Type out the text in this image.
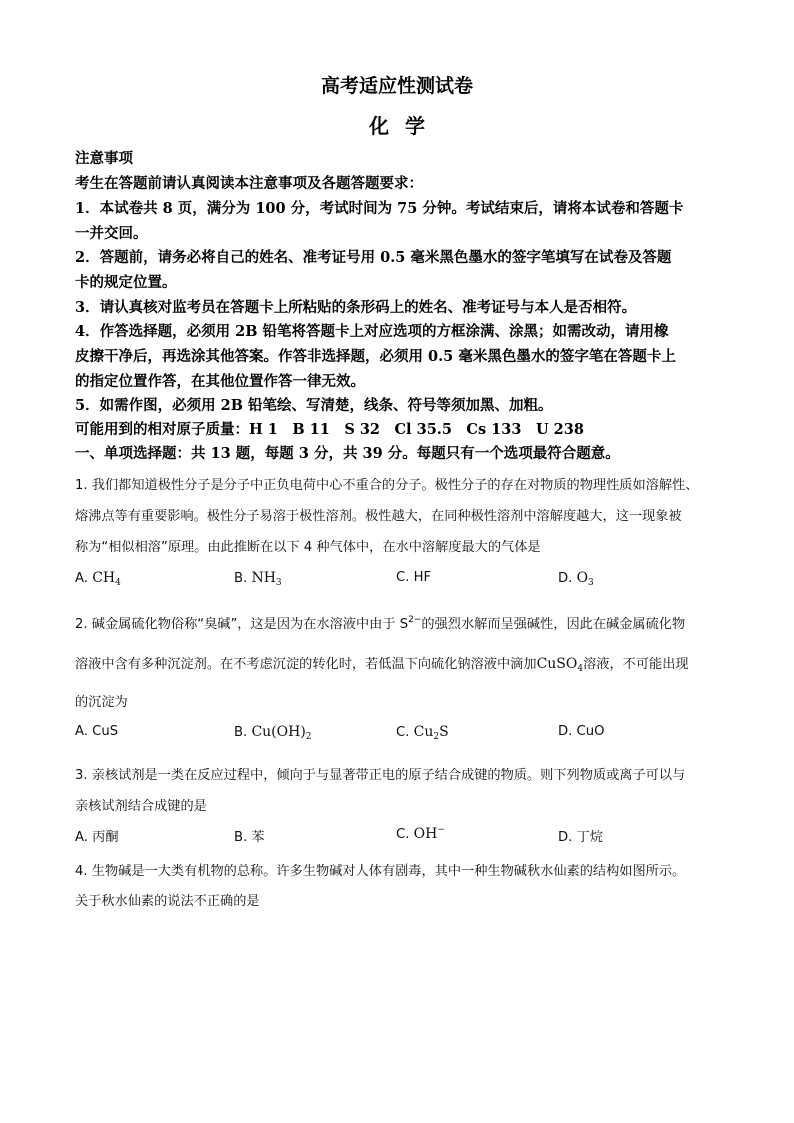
高考适应性测试卷
化学
注意事项
考生在答题前请认真阅读本注意事项及各题答题要求：
1．本试卷共 8 页，满分为 100 分，考试时间为 75 分钟。考试结束后，请将本试卷和答题卡
一并交回。
2．答题前，请务必将自己的姓名、准考证号用 0.5 毫米黑色墨水的签字笔填写在试卷及答题
卡的规定位置。
3．请认真核对监考员在答题卡上所粘贴的条形码上的姓名、准考证号与本人是否相符。
4．作答选择题，必须用 2B 铅笔将答题卡上对应选项的方框涂满、涂黑；如需改动，请用橡
皮擦干净后，再选涂其他答案。作答非选择题，必须用 0.5 毫米黑色墨水的签字笔在答题卡上
的指定位置作答，在其他位置作答一律无效。
5．如需作图，必须用 2B 铅笔绘、写清楚，线条、符号等须加黑、加粗。
可能用到的相对原子质量：H 1　B 11　S 32　Cl 35.5　Cs 133　U 238
一、单项选择题：共 13 题，每题 3 分，共 39 分。每题只有一个选项最符合题意。
1. 我们都知道极性分子是分子中正负电荷中心不重合的分子。极性分子的存在对物质的物理性质如溶解性、
熔沸点等有重要影响。极性分子易溶于极性溶剂。极性越大，在同种极性溶剂中溶解度越大，这一现象被
称为“相似相溶”原理。由此推断在以下 4 种气体中，在水中溶解度最大的气体是
A. $CH_4$	B. $NH_3$	C. HF	D. $O_3$
2. 碱金属硫化物俗称“臭碱”，这是因为在水溶液中由于 $S^{2-}$的强烈水解而呈强碱性，因此在碱金属硫化物
溶液中含有多种沉淀剂。在不考虑沉淀的转化时，若低温下向硫化钠溶液中滴加CuSO$_4$溶液，不可能出现
的沉淀为
A. CuS	B. $Cu(OH)_2$	C. $Cu_2S$	D. CuO
3. 亲核试剂是一类在反应过程中，倾向于与显著带正电的原子结合成键的物质。则下列物质或离子可以与
亲核试剂结合成键的是
A. 丙酮	B. 苯	C. OH−	D. 丁烷
4. 生物碱是一大类有机物的总称。许多生物碱对人体有剧毒，其中一种生物碱秋水仙素的结构如图所示。
关于秋水仙素的说法不正确的是
